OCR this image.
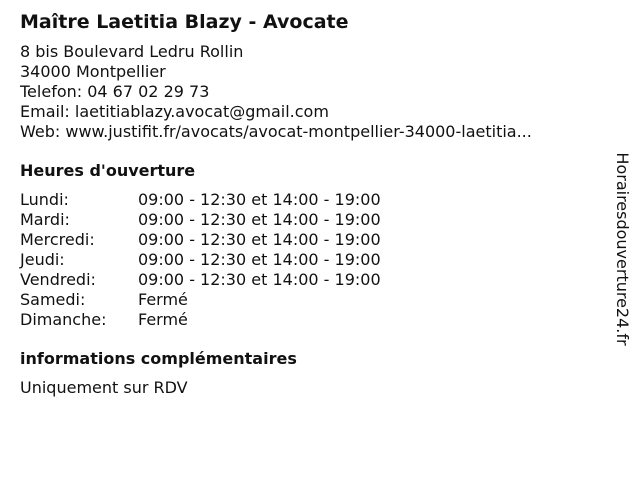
Maître Laetitia Blazy - Avocate
8 bis Boulevard Ledru Rollin
34000 Montpellier
Telefon: 04 67 02 29 73
Email: laetitiablazy.avocat@gmail.com
Web: www.justifit.fr/avocats/avocat-montpellier-34000-laetitia...
Heures d'ouverture
Lundi:	09:00 - 12:30 et 14:00 - 19:00
Mardi:	09:00 - 12:30 et 14:00 - 19:00
Mercredi:	09:00 - 12:30 et 14:00 - 19:00
Jeudi:	09:00 - 12:30 et 14:00 - 19:00
Vendredi:	09:00 - 12:30 et 14:00 - 19:00
Samedi:	Fermé
Dimanche:	Fermé
informations complémentaires
Uniquement sur RDV
Horairesdouverture24.fr
